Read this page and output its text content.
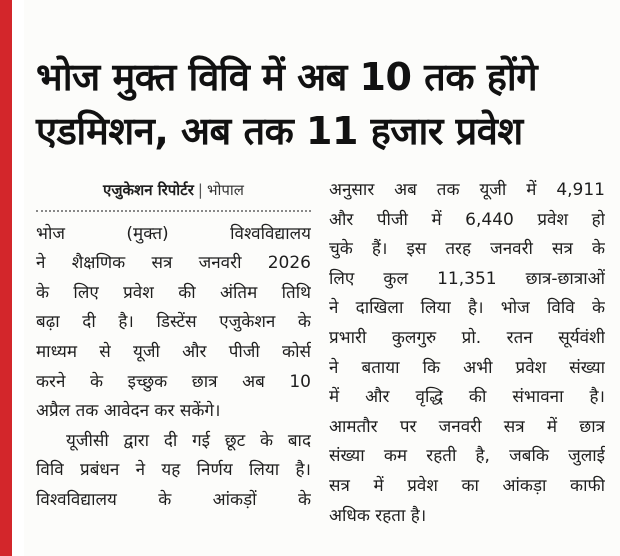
भोज मुक्त विवि में अब 10 तक होंगे
एडमिशन, अब तक 11 हजार प्रवेश
एजुकेशन रिपोर्टर | भोपाल
भोज (मुक्त) विश्वविद्यालय
ने शैक्षणिक सत्र जनवरी 2026
के लिए प्रवेश की अंतिम तिथि
बढ़ा दी है। डिस्टेंस एजुकेशन के
माध्यम से यूजी और पीजी कोर्स
करने के इच्छुक छात्र अब 10
अप्रैल तक आवेदन कर सकेंगे।
यूजीसी द्वारा दी गई छूट के बाद
विवि प्रबंधन ने यह निर्णय लिया है।
विश्वविद्यालय के आंकड़ों के
अनुसार अब तक यूजी में 4,911
और पीजी में 6,440 प्रवेश हो
चुके हैं। इस तरह जनवरी सत्र के
लिए कुल 11,351 छात्र-छात्राओं
ने दाखिला लिया है। भोज विवि के
प्रभारी कुलगुरु प्रो. रतन सूर्यवंशी
ने बताया कि अभी प्रवेश संख्या
में और वृद्धि की संभावना है।
आमतौर पर जनवरी सत्र में छात्र
संख्या कम रहती है, जबकि जुलाई
सत्र में प्रवेश का आंकड़ा काफी
अधिक रहता है।
